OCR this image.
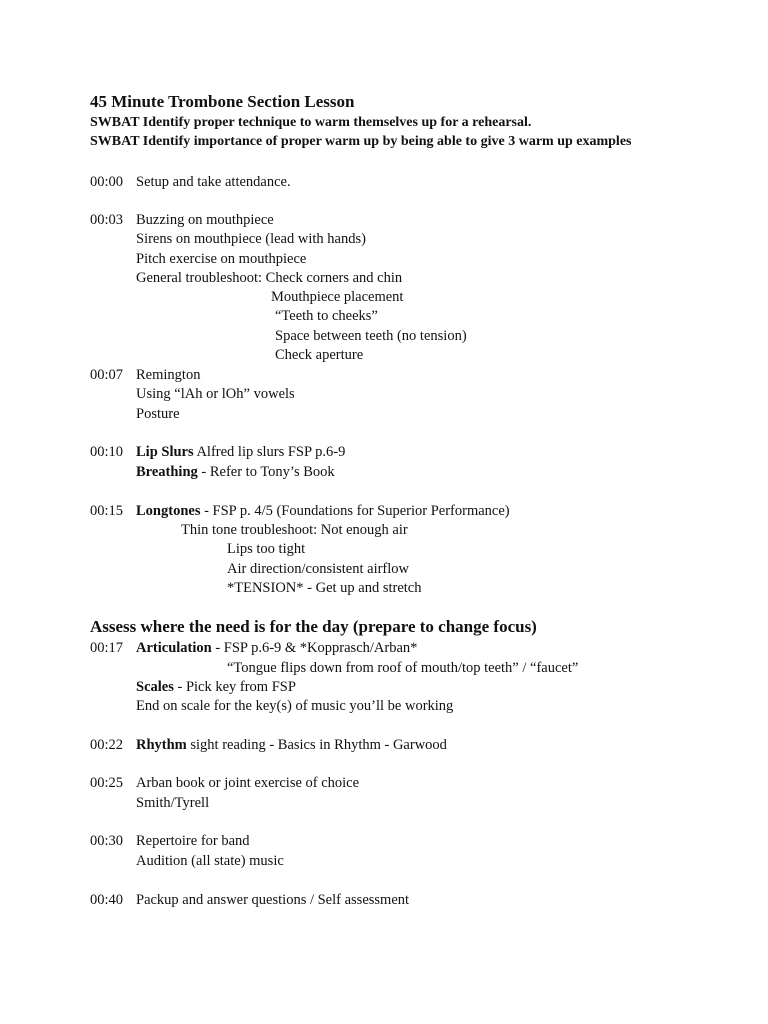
45 Minute Trombone Section Lesson
SWBAT Identify proper technique to warm themselves up for a rehearsal.
SWBAT Identify importance of proper warm up by being able to give 3 warm up examples
00:00 Setup and take attendance.
00:03 Buzzing on mouthpiece
Sirens on mouthpiece (lead with hands)
Pitch exercise on mouthpiece
General troubleshoot: Check corners and chin
Mouthpiece placement
“Teeth to cheeks”
Space between teeth (no tension)
Check aperture
00:07 Remington
Using “lAh or lOh” vowels
Posture
00:10 Lip Slurs Alfred lip slurs FSP p.6-9
Breathing - Refer to Tony’s Book
00:15 Longtones - FSP p. 4/5 (Foundations for Superior Performance)
Thin tone troubleshoot: Not enough air
Lips too tight
Air direction/consistent airflow
*TENSION* - Get up and stretch
Assess where the need is for the day (prepare to change focus)
00:17 Articulation - FSP p.6-9 & *Kopprasch/Arban*
“Tongue flips down from roof of mouth/top teeth” / “faucet”
Scales - Pick key from FSP
End on scale for the key(s) of music you’ll be working
00:22 Rhythm sight reading - Basics in Rhythm - Garwood
00:25 Arban book or joint exercise of choice
Smith/Tyrell
00:30 Repertoire for band
Audition (all state) music
00:40 Packup and answer questions / Self assessment
